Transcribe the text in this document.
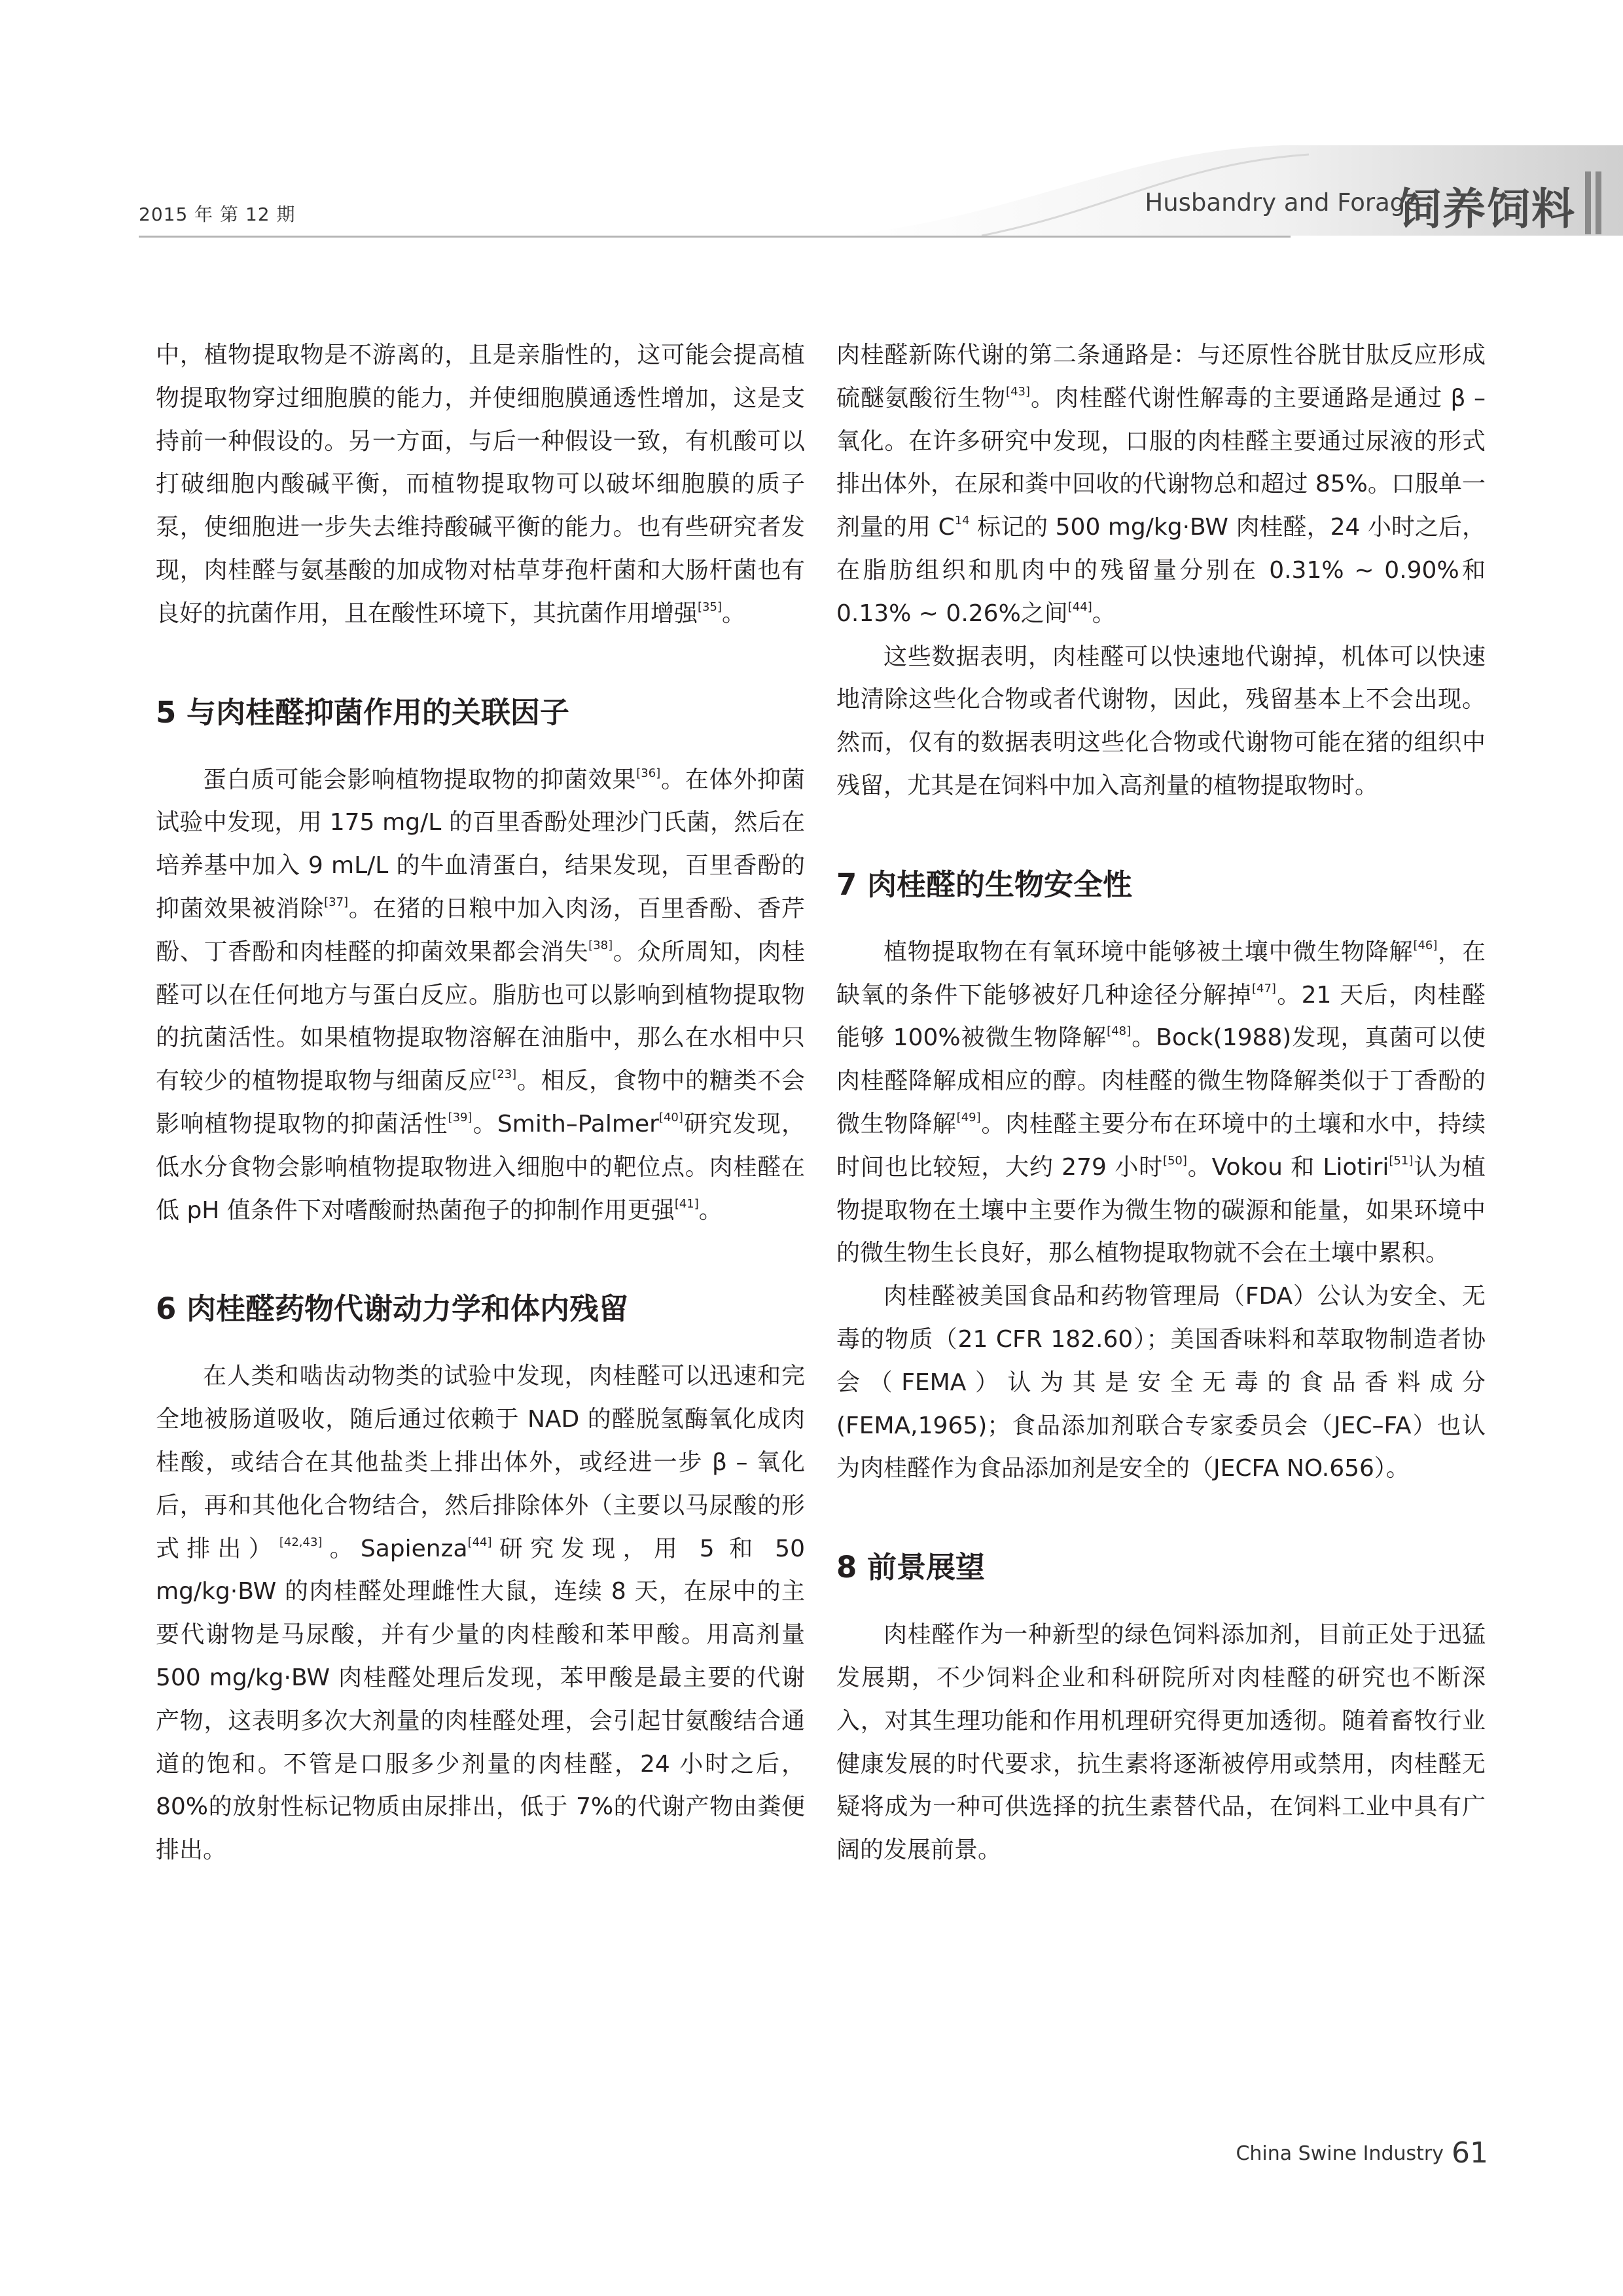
2015 年 第 12 期	Husbandry and Forage
饲养饲料

中，植物提取物是不游离的，且是亲脂性的，这可能会提高植物提取物穿过细胞膜的能力，并使细胞膜通透性增加，这是支持前一种假设的。另一方面，与后一种假设一致，有机酸可以打破细胞内酸碱平衡，而植物提取物可以破坏细胞膜的质子泵，使细胞进一步失去维持酸碱平衡的能力。也有些研究者发现，肉桂醛与氨基酸的加成物对枯草芽孢杆菌和大肠杆菌也有良好的抗菌作用，且在酸性环境下，其抗菌作用增强[35]。

5 与肉桂醛抑菌作用的关联因子

蛋白质可能会影响植物提取物的抑菌效果[36]。在体外抑菌试验中发现，用 175 mg/L 的百里香酚处理沙门氏菌，然后在培养基中加入 9 mL/L 的牛血清蛋白，结果发现，百里香酚的抑菌效果被消除[37]。在猪的日粮中加入肉汤，百里香酚、香芹酚、丁香酚和肉桂醛的抑菌效果都会消失[38]。众所周知，肉桂醛可以在任何地方与蛋白反应。脂肪也可以影响到植物提取物的抗菌活性。如果植物提取物溶解在油脂中，那么在水相中只有较少的植物提取物与细菌反应[23]。相反，食物中的糖类不会影响植物提取物的抑菌活性[39]。Smith–Palmer[40]研究发现，低水分食物会影响植物提取物进入细胞中的靶位点。肉桂醛在低 pH 值条件下对嗜酸耐热菌孢子的抑制作用更强[41]。

6 肉桂醛药物代谢动力学和体内残留

在人类和啮齿动物类的试验中发现，肉桂醛可以迅速和完全地被肠道吸收，随后通过依赖于 NAD 的醛脱氢酶氧化成肉桂酸，或结合在其他盐类上排出体外，或经进一步 β – 氧化后，再和其他化合物结合，然后排除体外（主要以马尿酸的形式排出）[42,43]。Sapienza[44]研究发现，用 5 和 50 mg/kg·BW 的肉桂醛处理雌性大鼠，连续 8 天，在尿中的主要代谢物是马尿酸，并有少量的肉桂酸和苯甲酸。用高剂量 500 mg/kg·BW 肉桂醛处理后发现，苯甲酸是最主要的代谢产物，这表明多次大剂量的肉桂醛处理，会引起甘氨酸结合通道的饱和。不管是口服多少剂量的肉桂醛，24 小时之后，80%的放射性标记物质由尿排出，低于 7%的代谢产物由粪便排出。

肉桂醛新陈代谢的第二条通路是：与还原性谷胱甘肽反应形成硫醚氨酸衍生物[43]。肉桂醛代谢性解毒的主要通路是通过 β – 氧化。在许多研究中发现，口服的肉桂醛主要通过尿液的形式排出体外，在尿和粪中回收的代谢物总和超过 85%。口服单一剂量的用 $C^{14}$ 标记的 500 mg/kg·BW 肉桂醛，24 小时之后，在脂肪组织和肌肉中的残留量分别在 0.31% ~ 0.90%和 0.13% ~ 0.26%之间[44]。

这些数据表明，肉桂醛可以快速地代谢掉，机体可以快速地清除这些化合物或者代谢物，因此，残留基本上不会出现。然而，仅有的数据表明这些化合物或代谢物可能在猪的组织中残留，尤其是在饲料中加入高剂量的植物提取物时。

7 肉桂醛的生物安全性

植物提取物在有氧环境中能够被土壤中微生物降解[46]，在缺氧的条件下能够被好几种途径分解掉[47]。21 天后，肉桂醛能够 100%被微生物降解[48]。Bock(1988)发现，真菌可以使肉桂醛降解成相应的醇。肉桂醛的微生物降解类似于丁香酚的微生物降解[49]。肉桂醛主要分布在环境中的土壤和水中，持续时间也比较短，大约 279 小时[50]。Vokou 和 Liotiri[51]认为植物提取物在土壤中主要作为微生物的碳源和能量，如果环境中的微生物生长良好，那么植物提取物就不会在土壤中累积。

肉桂醛被美国食品和药物管理局（FDA）公认为安全、无毒的物质（21 CFR 182.60）；美国香味料和萃取物制造者协会（FEMA）认为其是安全无毒的食品香料成分(FEMA,1965)；食品添加剂联合专家委员会（JEC–FA）也认为肉桂醛作为食品添加剂是安全的（JECFA NO.656）。

8 前景展望

肉桂醛作为一种新型的绿色饲料添加剂，目前正处于迅猛发展期，不少饲料企业和科研院所对肉桂醛的研究也不断深入，对其生理功能和作用机理研究得更加透彻。随着畜牧行业健康发展的时代要求，抗生素将逐渐被停用或禁用，肉桂醛无疑将成为一种可供选择的抗生素替代品，在饲料工业中具有广阔的发展前景。

China Swine Industry 61
